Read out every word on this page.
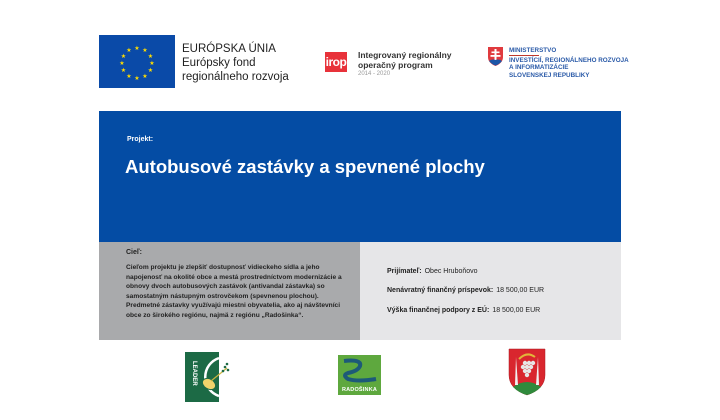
★ ★
★
★
★
★
★
★
★
★
★
★	EURÓPSKA ÚNIA
Európsky fond
regionálneho rozvoja
irop Integrovaný regionálny
operačný program
2014 - 2020
MINISTERSTVO
INVESTÍCIÍ, REGIONÁLNEHO ROZVOJA
A INFORMATIZÁCIE
SLOVENSKEJ REPUBLIKY
Projekt:
Autobusové zastávky a spevnené plochy
Cieľ:
Cieľom projektu je zlepšiť dostupnosť vidieckeho sídla a jeho napojenosť na okolité obce a mestá prostredníctvom modernizácie a obnovy dvoch autobusových zastávok (antivandal zástavka) so samostatným nástupným ostrovčekom (spevnenou plochou). Predmetné zástavky využívajú miestni obyvatelia, ako aj návštevníci obce zo širokého regiónu, najmä z regiónu „Radošinka“.
Prijímateľ: Obec Hruboňovo
Nenávratný finančný príspevok: 18 500,00 EUR
Výška finančnej podpory z EÚ: 18 500,00 EUR
LEADER
RADOŠINKA
